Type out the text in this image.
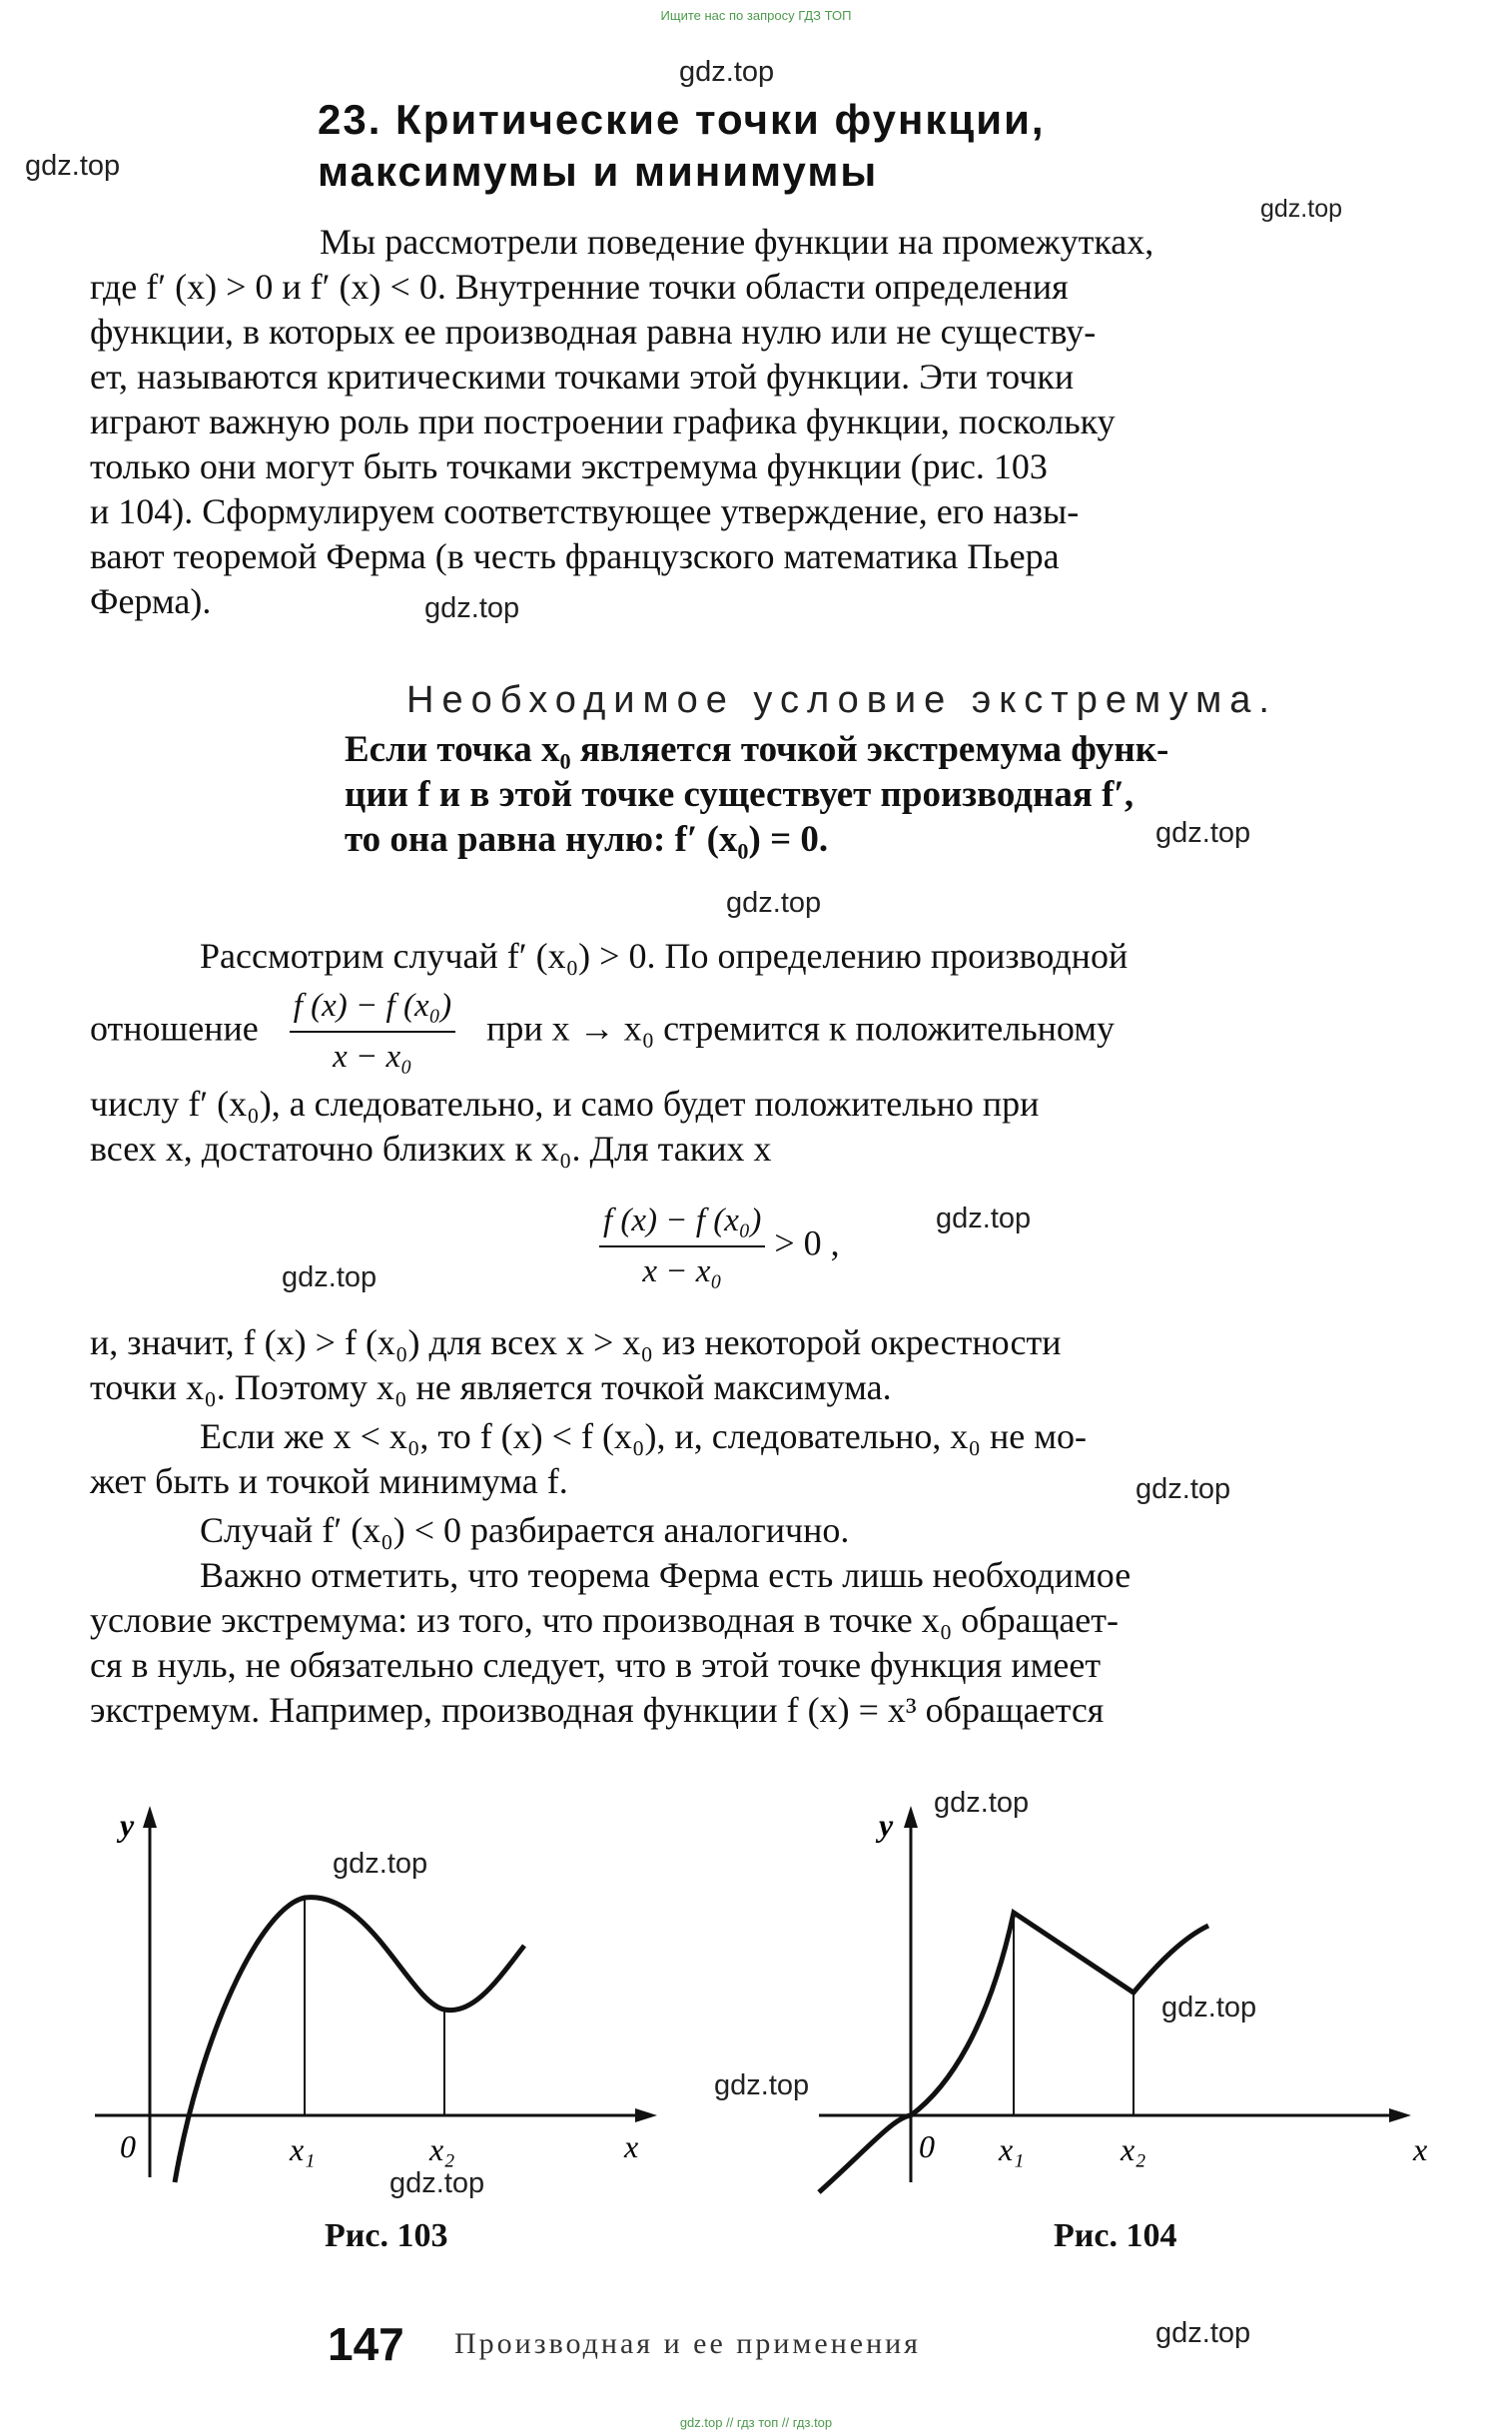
Ищите нас по запросу ГДЗ ТОП
gdz.top // гдз топ // гдз.top
gdz.top
gdz.top
gdz.top
gdz.top
gdz.top
gdz.top
gdz.top
gdz.top
gdz.top
gdz.top
gdz.top
gdz.top
gdz.top
gdz.top
gdz.top
23. Критические точки функции,
максимумы и минимумы
Мы рассмотрели поведение функции на промежутках,
где f′ (x) > 0 и f′ (x) < 0. Внутренние точки области определения
функции, в которых ее производная равна нулю или не существу-
ет, называются критическими точками этой функции. Эти точки
играют важную роль при построении графика функции, поскольку
только они могут быть точками экстремума функции (рис. 103
и 104). Сформулируем соответствующее утверждение, его назы-
вают теоремой Ферма (в честь французского математика Пьера
Ферма).
Необходимое условие экстремума.
Если точка x₀ является точкой экстремума функ-
ции f и в этой точке существует производная f′,
то она равна нулю: f′ (x₀) = 0.
Рассмотрим случай f′ (x₀) > 0. По определению производной
отношение $\frac{\text{f (x) − f (x₀)}}{\text{x − x₀}}$ при x → x₀ стремится к положительному
числу f′ (x₀), а следовательно, и само будет положительно при
всех x, достаточно близких к x₀. Для таких x
$\frac{\text{f (x) − f (x₀)}}{\text{x − x₀}} > 0$ ,
и, значит, f (x) > f (x₀) для всех x > x₀ из некоторой окрестности
точки x₀. Поэтому x₀ не является точкой максимума.
Если же x < x₀, то f (x) < f (x₀), и, следовательно, x₀ не мо-
жет быть и точкой минимума f.
Случай f′ (x₀) < 0 разбирается аналогично.
Важно отметить, что теорема Ферма есть лишь необходимое
условие экстремума: из того, что производная в точке x₀ обращает-
ся в нуль, не обязательно следует, что в этой точке функция имеет
экстремум. Например, производная функции f (x) = x³ обращается
y
0	x₁	x₂	x
Рис. 103
y
0 x₁	x₂	x
Рис. 104
147 Производная и ее применения
